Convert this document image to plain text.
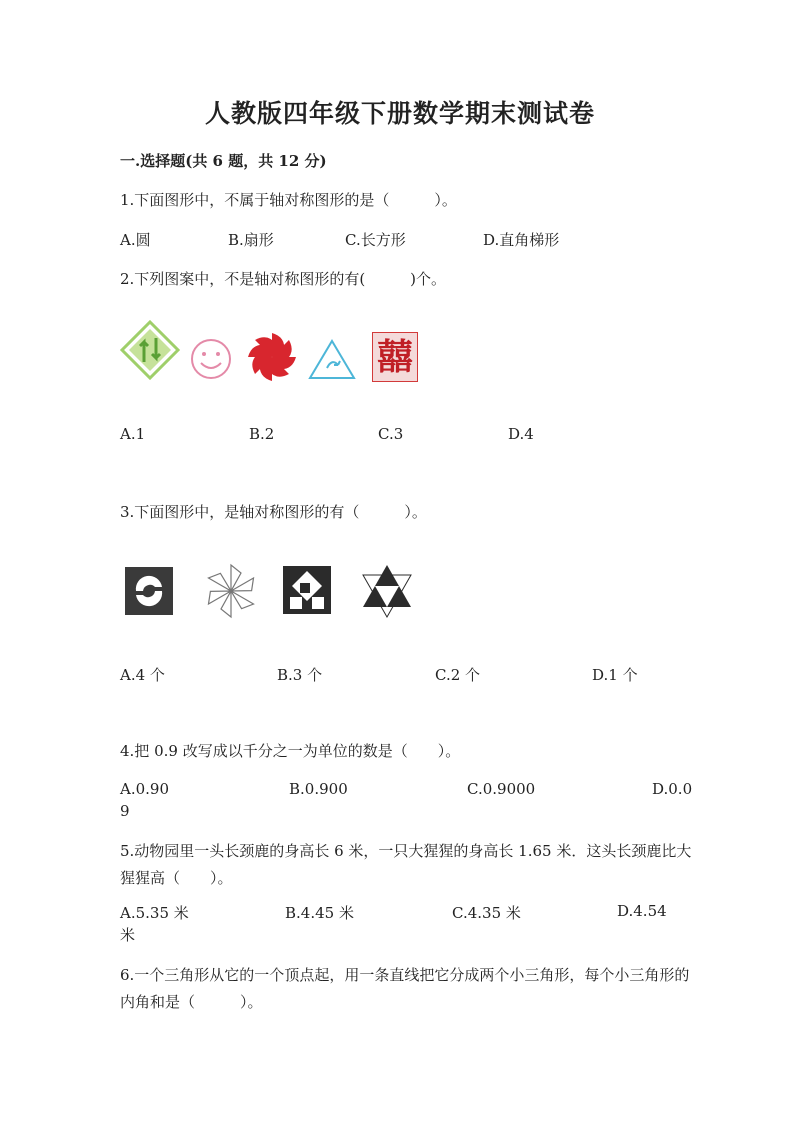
人教版四年级下册数学期末测试卷
一.选择题(共 6 题，共 12 分)
1.下面图形中，不属于轴对称图形的是（　　　）。
A.圆	B.扇形	C.长方形	D.直角梯形
2.下列图案中，不是轴对称图形的有(　　　)个。
囍
A.1	B.2	C.3	D.4
3.下面图形中，是轴对称图形的有（　　　）。
A.4 个	B.3 个	C.2 个	D.1 个
4.把 0.9 改写成以千分之一为单位的数是（　　）。
A.0.90	B.0.900	C.0.9000	D.0.0
9
5.动物园里一头长颈鹿的身高长 6 米，一只大猩猩的身高长 1.65 米．这头长颈鹿比大猩猩高（　　）。
A.5.35 米	B.4.45 米	C.4.35 米	D.4.54
米
6.一个三角形从它的一个顶点起，用一条直线把它分成两个小三角形，每个小三角形的内角和是（　　　）。
